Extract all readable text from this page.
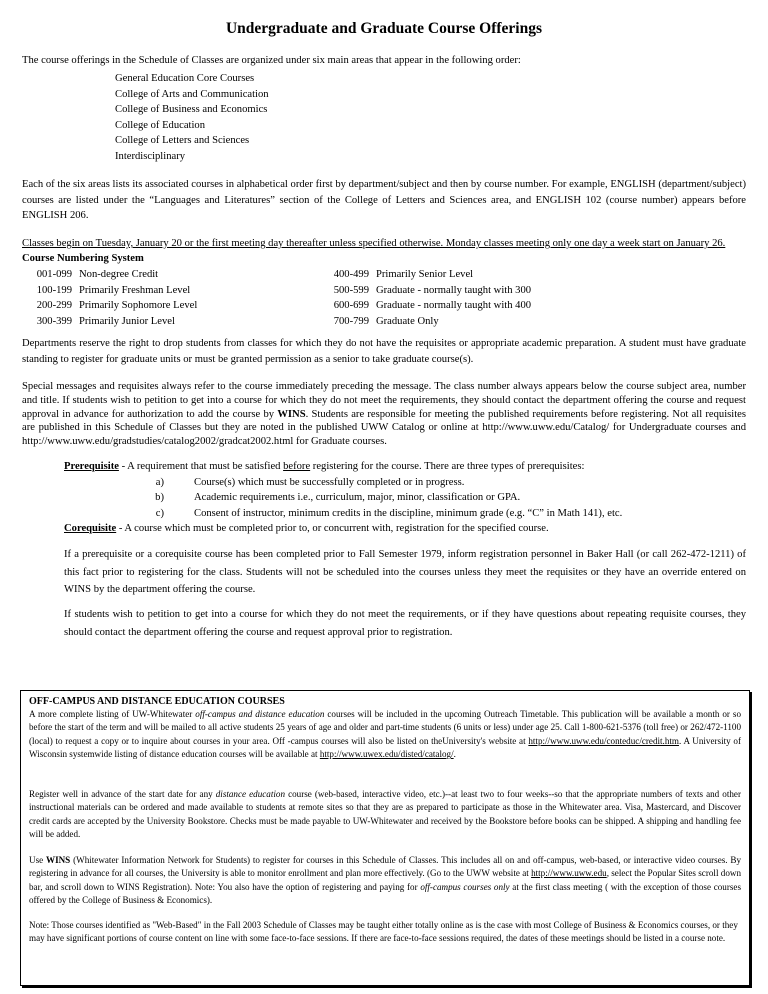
Undergraduate and Graduate Course Offerings

The course offerings in the Schedule of Classes are organized under six main areas that appear in the following order:

General Education Core Courses
College of Arts and Communication
College of Business and Economics
College of Education
College of Letters and Sciences
Interdisciplinary

Each of the six areas lists its associated courses in alphabetical order first by department/subject and then by course number. For example, ENGLISH (department/subject) courses are listed under the “Languages and Literatures” section of the College of Letters and Sciences area, and ENGLISH 102 (course number) appears before ENGLISH 206.

Classes begin on Tuesday, January 20 or the first meeting day thereafter unless specified otherwise. Monday classes meeting only one day a week start on January 26.

Course Numbering System

001-099 Non-degree Credit
100-199 Primarily Freshman Level
200-299 Primarily Sophomore Level
300-399 Primarily Junior Level
400-499 Primarily Senior Level
500-599 Graduate - normally taught with 300
600-699 Graduate - normally taught with 400
700-799 Graduate Only

Departments reserve the right to drop students from classes for which they do not have the requisites or appropriate academic preparation. A student must have graduate standing to register for graduate units or must be granted permission as a senior to take graduate course(s).

Special messages and requisites always refer to the course immediately preceding the message. The class number always appears below the course subject area, number and title. If students wish to petition to get into a course for which they do not meet the requirements, they should contact the department offering the course and request approval in advance for authorization to add the course by WINS. Students are responsible for meeting the published requirements before registering. Not all requisites are published in this Schedule of Classes but they are noted in the published UWW Catalog or online at http://www.uww.edu/Catalog/ for Undergraduate courses and http://www.uww.edu/gradstudies/catalog2002/gradcat2002.html for Graduate courses.

Prerequisite - A requirement that must be satisfied before registering for the course. There are three types of prerequisites:
a)	Course(s) which must be successfully completed or in progress.
b)	Academic requirements i.e., curriculum, major, minor, classification or GPA.
c)	Consent of instructor, minimum credits in the discipline, minimum grade (e.g. “C” in Math 141), etc.
Corequisite - A course which must be completed prior to, or concurrent with, registration for the specified course.

If a prerequisite or a corequisite course has been completed prior to Fall Semester 1979, inform registration personnel in Baker Hall (or call 262-472-1211) of this fact prior to registering for the class. Students will not be scheduled into the courses unless they meet the requisites or they have an override entered on WINS by the department offering the course.

If students wish to petition to get into a course for which they do not meet the requirements, or if they have questions about repeating requisite courses, they should contact the department offering the course and request approval prior to registration.

OFF-CAMPUS AND DISTANCE EDUCATION COURSES

A more complete listing of UW-Whitewater off-campus and distance education courses will be included in the upcoming Outreach Timetable. This publication will be available a month or so before the start of the term and will be mailed to all active students 25 years of age and older and part-time students (6 units or less) under age 25. Call 1-800-621-5376 (toll free) or 262/472-1100 (local) to request a copy or to inquire about courses in your area. Off -campus courses will also be listed on theUniversity's website at http://www.uww.edu/conteduc/credit.htm. A University of Wisconsin systemwide listing of distance education courses will be available at http://www.uwex.edu/disted/catalog/.

Register well in advance of the start date for any distance education course (web-based, interactive video, etc.)--at least two to four weeks--so that the appropriate numbers of texts and other instructional materials can be ordered and made available to students at remote sites so that they are as prepared to participate as those in the Whitewater area. Visa, Mastercard, and Discover credit cards are accepted by the University Bookstore. Checks must be made payable to UW-Whitewater and received by the Bookstore before books can be shipped. A shipping and handling fee will be added.

Use WINS (Whitewater Information Network for Students) to register for courses in this Schedule of Classes. This includes all on and off-campus, web-based, or interactive video courses. By registering in advance for all courses, the University is able to monitor enrollment and plan more effectively. (Go to the UWW website at http://www.uww.edu, select the Popular Sites scroll down bar, and scroll down to WINS Registration). Note: You also have the option of registering and paying for off-campus courses only at the first class meeting ( with the exception of those courses offered by the College of Business & Economics).

Note: Those courses identified as "Web-Based" in the Fall 2003 Schedule of Classes may be taught either totally online as is the case with most College of Business & Economics courses, or they may have significant portions of course content on line with some face-to-face sessions. If there are face-to-face sessions required, the dates of these meetings should be listed in a course note.
